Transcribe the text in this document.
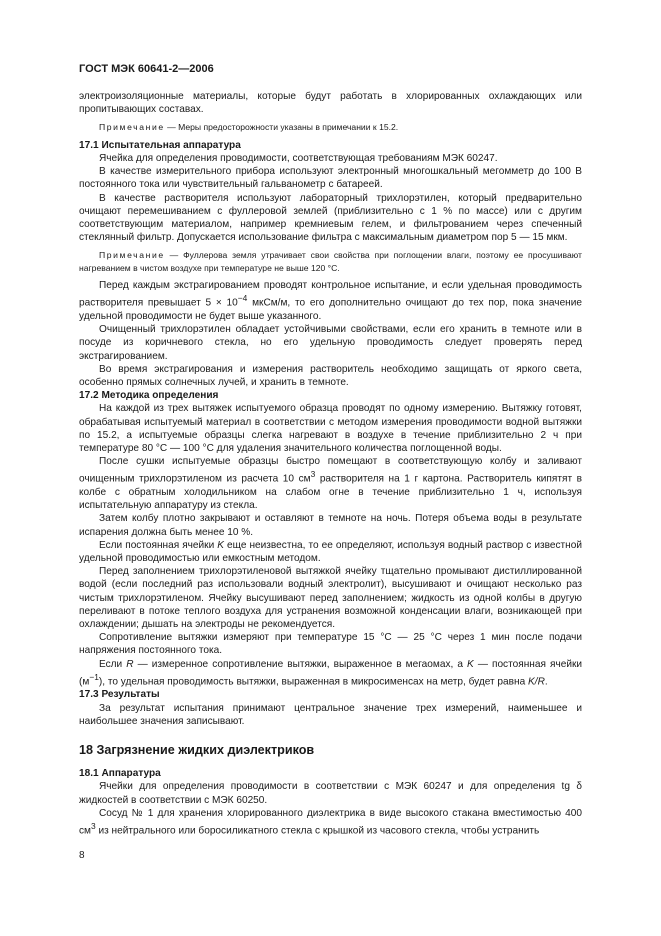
ГОСТ МЭК 60641-2—2006

электроизоляционные материалы, которые будут работать в хлорированных охлаждающих или пропитывающих составах.

Примечание — Меры предосторожности указаны в примечании к 15.2.

17.1 Испытательная аппаратура

Ячейка для определения проводимости, соответствующая требованиям МЭК 60247.

В качестве измерительного прибора используют электронный многошкальный мегомметр до 100 В постоянного тока или чувствительный гальванометр с батареей.

В качестве растворителя используют лабораторный трихлорэтилен, который предварительно очищают перемешиванием с фуллеровой землей (приблизительно с 1 % по массе) или с другим соответствующим материалом, например кремниевым гелем, и фильтрованием через спеченный стеклянный фильтр. Допускается использование фильтра с максимальным диаметром пор 5 — 15 мкм.

Примечание — Фуллерова земля утрачивает свои свойства при поглощении влаги, поэтому ее просушивают нагреванием в чистом воздухе при температуре не выше 120 °С.

Перед каждым экстрагированием проводят контрольное испытание, и если удельная проводимость растворителя превышает $5 \times 10^{-4}$ мкСм/м, то его дополнительно очищают до тех пор, пока значение удельной проводимости не будет выше указанного.

Очищенный трихлорэтилен обладает устойчивыми свойствами, если его хранить в темноте или в посуде из коричневого стекла, но его удельную проводимость следует проверять перед экстрагированием.

Во время экстрагирования и измерения растворитель необходимо защищать от яркого света, особенно прямых солнечных лучей, и хранить в темноте.

17.2 Методика определения

На каждой из трех вытяжек испытуемого образца проводят по одному измерению. Вытяжку готовят, обрабатывая испытуемый материал в соответствии с методом измерения проводимости водной вытяжки по 15.2, а испытуемые образцы слегка нагревают в воздухе в течение приблизительно 2 ч при температуре 80 °С — 100 °С для удаления значительного количества поглощенной воды.

После сушки испытуемые образцы быстро помещают в соответствующую колбу и заливают очищенным трихлорэтиленом из расчета 10 $см^3$ растворителя на 1 г картона. Растворитель кипятят в колбе с обратным холодильником на слабом огне в течение приблизительно 1 ч, используя испытательную аппаратуру из стекла.

Затем колбу плотно закрывают и оставляют в темноте на ночь. Потеря объема воды в результате испарения должна быть менее 10 %.

Если постоянная ячейки K еще неизвестна, то ее определяют, используя водный раствор с известной удельной проводимостью или емкостным методом.

Перед заполнением трихлорэтиленовой вытяжкой ячейку тщательно промывают дистиллированной водой (если последний раз использовали водный электролит), высушивают и очищают несколько раз чистым трихлорэтиленом. Ячейку высушивают перед заполнением; жидкость из одной колбы в другую переливают в потоке теплого воздуха для устранения возможной конденсации влаги, возникающей при охлаждении; дышать на электроды не рекомендуется.

Сопротивление вытяжки измеряют при температуре 15 °С — 25 °С через 1 мин после подачи напряжения постоянного тока.

Если R — измеренное сопротивление вытяжки, выраженное в мегаомах, а K — постоянная ячейки $(м^{-1})$, то удельная проводимость вытяжки, выраженная в микросименсах на метр, будет равна K/R.

17.3 Результаты

За результат испытания принимают центральное значение трех измерений, наименьшее и наибольшее значения записывают.

18 Загрязнение жидких диэлектриков

18.1 Аппаратура

Ячейки для определения проводимости в соответствии с МЭК 60247 и для определения tg δ жидкостей в соответствии с МЭК 60250.

Сосуд № 1 для хранения хлорированного диэлектрика в виде высокого стакана вместимостью 400 $см^3$ из нейтрального или боросиликатного стекла с крышкой из часового стекла, чтобы устранить

8
